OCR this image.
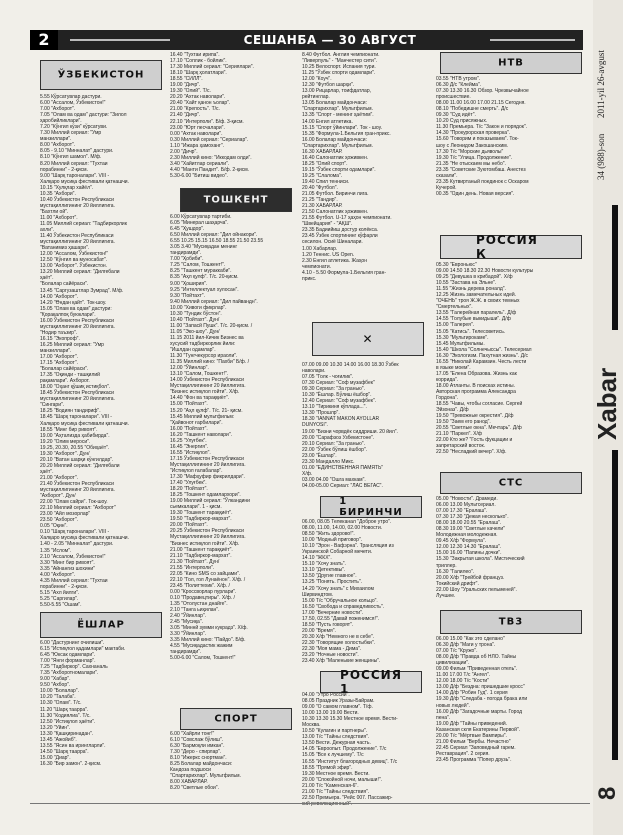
2	СЕШАНБА — 30 АВГУСТ
ЎЗБЕКИСТОН
5.55 Кўрсатувлар дастури.
6.00 "Ассалом, Ўзбекистон!"
7.00 "Ахборот".
7.05 "Олам ва одам" дастури: "Зилол
ҳаробийликлари".
7.20 "Кўнгил кўзи" кўрсатуви.
7.30 Миллий сериал: "Умр
манзиллари".
8.00 "Ахборот".
8.05 - 9.10 "Минналат" дастури.
8.10 "Кўнгил шамол". М/ф.
8.20 Миллий сериал: "Тухтаи
порабинни" - 2-қисм.
9.00 "Шарқ тароналари". VIII -
Халқаро мусиқа фестивали қатнашчи.
10.15 "Хулқлар хайёл".
10.35 "Ахбори".
10.40 Ўзбекистон Республикаси
мустақиллигининг 20 йиллигига.
"Бахтли ой".
11.00 "Ахборот".
11.05 Миллий сериал: "Тадбиркорлик
ахли".
11.40 Ўзбекистон Республикаси
мустақиллигининг 20 йиллигига.
"Ватанимиз ҳашари".
12.00 "Ассалом, Ўзбекистон!"
12.50 "Кўнгил ва муносабат".
13.00 "Ахборот". Ўзбекистон.
13.20 Миллий сериал: "Дилгебали
ҳаёт".
"Болалар сайёраси".
13.45 "Саргузаштлар Зумрад". М/ф.
14.00 "Ахборот".
14.20 "Өндан қайт". Ток-шоу.
15.05 "Олам ва одам" дастури:
"Қорақалпоқ буюклари".
16.00 Ўзбекистон Республикаси
мустақиллигининг 20 йиллигига.
"Нодир таъзир".
16.15 "Экопроф".
16.25 Миллий сериал: "Умр
манзиллари".
17.00 "Ахборот".
17.15 "Ахборот".
"Болалар сайёраси".
17.35 "Оқинди - ташқилий
рақамлари". Ахборот.
18.00 "Оҳанг қўшиқ истиқбол".
18.45 Ўзбекистон Республикаси
мустақиллигининг 20 йиллигига.
"Сингари".
18.25 "Водиян тандириф".
18.45 "Шарқ тароналари". VIII -
Халқаро мусиқа фестивали қатнашчи.
18.55 "Минг бир ривоят".
19.00 "Аҳтализда ҳабибирда".
19.20 "Олим мероси".
19.25, 20.30, 20.55 "Обиҳаёт".
19.30 "Ахборот". Дун/
20.10 "Ватан шарқи кўнгилдар".
20.20 Миллий сериал: "Дилгебали
ҳаёт".
21.00 "Ахборот".
21.40 Ўзбекистон Республикаси
мустақиллигининг 20 йиллигига.
"Ахборот". Дун/
22.00 "Олам сайри". Ток-шоу.
22.10 Миллий сериал: "Ахборот"
23.00 "Айл мозорлар"
23.50 "Ахборот".
0.05 "Оқин".
0.10 "Шарқ тароналари". VIII -
Халқаро мусиқа фестивали қатнашчи.
1.40 - 2.05 "Минналат" дастури.
1.35 "Ислом".
2.10 "Ассалом, Ўзбекистон!"
3.30 "Минг бир ривоят".
3.35 "Айнангиз шохини"
4.00 "Ахборот".
4.35 Миллий сериал: "Тухтаи
порабинни" - 2-қисм.
5.15 "Ахл йилги".
5.25 "Саргилар".
5.50-5.55 "Ошам".
ЁШЛАР
6.00 "Дастурнинг очилиши".
6.15 "Истиқлол қадамлари" мактаби.
6.45 "Юксак одамлари".
7.00 "Янги форманлар".
7.25 "Тадбиркор". Сахнаналь
7.35 "Ахборотномалари".
9.00 "Хабар".
9.50 "Ахбор".
10.00 "Болалар".
10.20 "Талаба".
10.30 "Олам". Т/с.
11.20 "Шарқ таарра".
11.30 "Кодиялиа". Т/с.
12.50 "Истиқлол ҳаёти".
13.20 "Уйин".
13.30 "Қашқиринадан".
13.45 "Ажойиб".
13.55 "Ясин ва ирингларли".
14.50 "Шарқ таарра".
15.00 "Диар".
16.30 "Бир замон". 2-қисм.
16.40 "Тухтаи ирипа".
17.10 "Соплик - бойлик".
17.30 Миллий сериал: "Сериялари".
18.10 "Шарқ ҳолатлари".
18.55 "СИЛЛ".
19.00 "Дичр".
19.30 "Олий". Т/с.
20.20 "Ахтак наволари".
20.40 "Хайт қанон ъолар".
21.00 "Крепость". Т/с.
21.40 "Дичр".
22.10 "Интерполи". Б/ф. 3-қисм.
23.00 "Юрт песчалари".
0.00 "Ахтак наволари".
0.30 Миллий сериал: "Сериалар".
1.10 "Ижара ҳамоханг".
2.00 "Дичр".
2.30 Миллий кино: "Иккодам олди".
3.40 "Хайитлар сериали".
4.40 "Манти Пандит". Б/ф. 2-қисм.
5.30-6.00 "Битиш видео".
ТОШКЕНТ
6.00 Кўрсатувлар тартиби.
6.05 "Минерал шаҳарча".
6.45 "Ҳушдор".
6.50 Миллий сериал: "Дил ойнакори".
6.55 10.25 15.15 16.50 18.55 21.50 23.55
3.05 3.40 "Мусиқадан менинг
тандирамди".
7.00 "Ҳобиби".
7.25 "Салом, Тошкент!".
8.25 "Ташкент мураккаби".
8.35 "Аҳл қулф". Т/с. 20-қисм.
9.00 "Ҳоширия".
9.25 "Интеллектуал хулосан".
9.30 "Пойтахт".
9.40 Миллий сериал: "Дил пайвандн".
10.00 "Хивоги фикрлар".
10.30 "Тундик бўстон".
10.40 "Пойтахт". Дун/
11.00 "Запасй Пушк". Т/с. 20-қисм. /
11.05 "Эко-шоу". Дун/
11.15 2011 йил-Кичик Бизнес ва
хусусий тадбиркорлик йили:
"Ишлдан одамлар".
11.30 "Тунгчекурсор ираоли".
11.35 Миллий кино: "Пахби" Б/ф. /
12.00 "Ўйинлар".
13.10 "Салом, Тошкент!".
14.00 Ўзбекистон Республикаси
Мустақиллигининг 20 йиллигига.
"Бизнес истиқлол гойти". Х/ф.
14.40 "Фон ва тараққиёт".
15.00 "Пойтахт".
15.20 "Аҳл қулф". Т/с. 21- қисм.
15.45 Миллий мультфильм:
"Ҳайвонот ғарбилари".
16.00 "Пойтахт".
16.20 "Ташкент наволари".
16.25 "Улуғбек".
16.45 "Энергия".
16.55 "Истиқлол".
17.15 Ўзбекистон Республикаси
Мустақиллигининг 20 йиллигига.
"Истиқлол ғалабалар".
17.30 "Мафҳуфир фикрилдари".
17.40 "Улуғбек".
18.20 "Пойтахт".
18.25 "Тошкент одамлархори".
19.00 Миллий сериал: "Ўлкандини
сьемкалари". 1 - қисм.
19.30 "Тошкент тараққиёт".
19.50 "Тадбиркор-мархат".
20.00 "Пойтахт".
20.25 Ўзбекистон Республикаси
Мустақиллигининг 20 йиллигига.
"Бизнес истиқлол гойти". Х/ф.
21.00 "Ташкент тараққиёт".
21.10 "Тадбиркор-мархат".
21.30 "Пойтахт". Дун/
21.55 "Интерполи".
22.05 "Кино SMS со зайцами".
22.10 "Гол, гол Лунаёнон". Х/ф. /
23.45 "Политтехик". Х/ф. /
0.00 "Кроссворлар пурлари".
0.10 "Продавецтиры". Х/ф. /
1.35 "Отолустан днайге".
2.10 "Танга ьиҳилан".
2.40 "Ўйинлар".
2.45 "Мусиқа".
3.05 "Миннй зумми кукрадз". Х/ф.
3.30 "Ўйинлар".
3.35 Миллий кино: "Пайдо". Б/ф.
4.55 "Мусиқадастик жажим
тандирамди".
5.00-6.00 "Салом, Тошкент!"
СПОРТ
6.00 "Хайрли тонг!"
6.10 "Совслаж бўлиш".
6.30 "Бармоқли имкан".
7.30 "Деро - спирлар".
8.10 "Ижеркс снортман".
8.25 Болалар майдончаси:
Кандоза подшоси
"Спартарихлар". Мультфильм.
8.00 ХАВАРЛАР.
8.20 "Светлые обои".
8.40 Футбол. Англия чемпионати.
"Ливерпуль" - "Манчестер сити".
10.25 Велоспорт. Испания тури.
11.25 "Ўзбек спорти одамлари".
12.00 "Коуч".
12.30 "Футбол шарҳи".
13.00 Рицарлар, тоифдатлар,
рейтинглар.
13.05 Болалар майдончаси:
"Спартарихлар". Мультфильм.
13.35 "Спорт - менинг ҳаётим".
14.00 Енгил атлетика.
15.15 "Спорт ўйинлари". Ток - шоу.
15.35 "Формула-1.Бельгия гран-прикс.
16.00 Болалар майдончаси:
"Спартарихлар". Мультфильм.
16.30 ХАБАРЛАР.
16.40 Салонатлик ҳоживкен.
18.25 "Олий спорт".
19.15 "Ўзбек спорти одамлари".
19.25 "Слалома".
19.40 Спил тенниси.
20.40 "Футбол".
21.05 Футбол. Биринчи лига.
21.25 "Тандир".
21.30 ХАБАРЛАР.
21.50 Салонатлик ҳоживкен.
21.55 Футбол. U-17 ҳаҳон чемпионати.
"Швейцария" - "АҚШ".
23.35 Бадиийиш достур колёкса.
23.45 Ўзбек спортининг кўфарли
сесилон. Осиё Шиналари.
1.00 Хабарлар.
1.20 Теннис. US Open.
2.30 Енгил атлетика. Жаҳон
чемпионати.
4.10 - 5.50 Формула-1.Бельгия гран-
прикс.
✕
07.00 09.00 10.30 14.00 16.00 18.30 Ўзбек
наволари.
07.05 "Голк - чоғилик".
07.30 Сериал: "Соф музафбек"
09.30 Сериал: "За гранью".
10.30 "Ёшлар. Бўлиш ёшбор".
12.40 Сериал: "Соф музафбек".
13.10 "Тирикиня кўплада...".
13.30 "Прошлр".
18.30 "IANNAT MAKON AYOLLAR
DUNYOSI".
19.00 "Бизни чорвдёк сиддриши. 20 йил".
20.00 "Сарафзоз Узбекистоне".
20.10 Сериал: "За гранью".
22.00 "Ўзбек бўлиш ёшбор".
23.00 "Ёшлар".
23.30 Мандалло Микс.
01.00 "ЕДИНСТВЕННАЯ ПАМЯТЬ"
Х/ф.
03.00 04.00 "Ошга махкам".
04.00-05.00 Сериал: "ЛАС ВЕГАС".
1 БИРИНЧИ
06.00, 08.05 Телеканал "Доброе утро".
08.00, 11.00, 14.00, 02.00 Новости.
08.50 "Жить здорово!".
10.00 "Модный приговор".
10.10 "Эрон - Вафэрна". Трансляция из
Украинской Собарной мечети.
14.10 "ЖКХ".
15.10 "Хочу знать".
13.10 "Детективы".
13.50 "Другие главное".
13.25 "Понять. Простить".
14.20 "Хочу знать" с Михаилом
Ширвиндтом.
15.00 Т/с "Обручальное кольцо".
16.50 "Свобода и справедливость".
17.00 "Вечерние новости".
17.50, 02.55 "Давай поженимся!".
18.50 "Пусть говорят".
20.00 "Время".
20.30 Х/ф "Немного не в себе".
22.30 "Говорящие холостыбки".
22.30 "Моя мама - Дима".
23.20 "Ночные новости".
23.40 Х/ф "Маленькие женщины".
РОССИЯ 1
04.00 "Утро России".
08.05 Праздник Уразы-Байрам.
09.00 "О самом главном". Т/ф.
10.00 13.00 19.00 Вести.
10.30 13.30 15.30 Местное время. Вести-
Москва.
10.50 "Кулагин и партнеры".
13.00 Т/с "Тайны следствия".
13.50 Вести. Дежурная часть.
14.05 "Евроопыт. Продолжение". Т/с
15.05 "Все к лучшему". Т/с
16.55 "Институт благородных девиц". Т/с
18.55 "Прямой эфир".
19.30 Местное время. Вести.
20.00 "Спокойной ночи, малыши!".
21.00 Т/с "Каменская-6".
21.00 Т/с "Тайны следствия".
22.50 Премьера. "Рейс 007. Пассажир-
НТВ
03.55 "НТВ утром".
06.30 Д/с "Клейма".
07.30 13.30 16.30 Обзор. Чрезвычайное
происшествие.
08.00 11.00 16.00 17.00 21.15 Сегодня.
08.10 "Победишне смерть". Д/с
09.30 "Суд идёт".
10.20 Суд присяжных.
11.30 Премьера. Т/с "Закон и порядок".
14.30 "Прокурорская проверка".
15.60 "Говорим и показываем". Ток-
шоу с Леонидом Закошанским.
17.30 Т/с "Морские дьяволы"
19.30 Т/с "Улица. Продолжение".
21.35 "Не отыскаем мы небо".
23.35 "Советские Зуютомбаш. Анестез
сказали".
23.35 Кутвиртаный поединок с Оскаром
Кучерой.
00.35 "Один день. Новая версия".
РОССИЯ К
05.30 "Евроньюс"
09.00 14.50 18.30 22.30 Новости культуры
09.25 "Девушка в крибадой". Х/ф
10.55 "Застава на Эльне".
11.55 "Жизнь дерева роналд".
12.25 Жизнь замечательных идей.
"ОЧЕНЬ" троя Ж.Ж. в своих темных
"Смертельных".
13.55 "Галерейная паралель". Д/ф
14.55 "Голубые выкидыши". Д/ф
15.00 "Галерея".
15.05 "Катись". Телесоветись.
15.30 "Мультирокаме".
15.45 Мультфильмы.
15.40 "Школа "Солнечыссы". Телесериал
16.30 "Экологизм. Пахутная жизнь". Д/с
16.55 "Николай Карамзин. Честь лести
в языке моем".
17.05 "Елена Образова. Жизнь как
коррида".
18.00 Атланты. В поисках истины.
Авторская программа Александра
Гордона".
18.55 "Чавы, чтобы согласие. Сергей
Эйзоназ". Д/ф
19.50 "Тревожные окрестия". Д/ф
19.50 "Заем его ранод".
20.55 "Светлые окна". Мечтарь". Д/ф
21.10 "Паркел". Х/ф
22.00 Кто же? "Гость фукцации и
запретарский восток.
22.50 "Несладкий вечер". Х/ф.
СТС
05.00 "Новости". Драмеди.
06.00 13.00 Мультсериал.
07.00 17.30 "Ералаш".
07.30 17.30 "Дежая несколько".
08.00 18.00 20.55 "Ералаш".
08.30 19.00 "Светлые качели"
Молодежная молодежная.
09.45 Х/ф "Формула".
12.00 12.30 14.30 "Ералаш".
15.00 16.00 "Папины дочки".
15.30 "Закрытая школа". Мистический
триллер.
16.30 "Галилео".
20.00 Х/ф "Трейбой француз.
Токийский дрифт".
22.00 Шоу "Уральских пельменей".
Лучшее.
ТВ3
06.00 15.00 "Как это сделано"
06.30 Д/ф "Маги у трона".
07.00 Т/с "Кружо".
08.00 Д/ф "Правда об НЛО. Тайны
цивилизации".
09.00 Фильм "Приведенная отель".
11.00 17.00 Т/с "Ангел".
12.00 18.00 Т/с "Кости"
13.00 Д/ф "Бездна: пришедшие кросс"
14.00 Д/ф "Робин Гуд". 1 серия
19.30 Д/ф "Следаба - погода брака или
новых людей".
16.00 Д/ф "Загадочные марты. Город
пена".
19.00 Д/ф "Тайны приведений.
Казанская скля Екатерины Первой".
20.00 Т/с "Мёртвые Вампиры".
21.00 Фильм "Вербы. Нечастно"
22.45 Сериал "Заповедный гарем.
Реставрация". 2 серия.
23.45 Программа "Попер друзь".
2011-yil 26-avgust
34 (988)-son
Xabar
8
